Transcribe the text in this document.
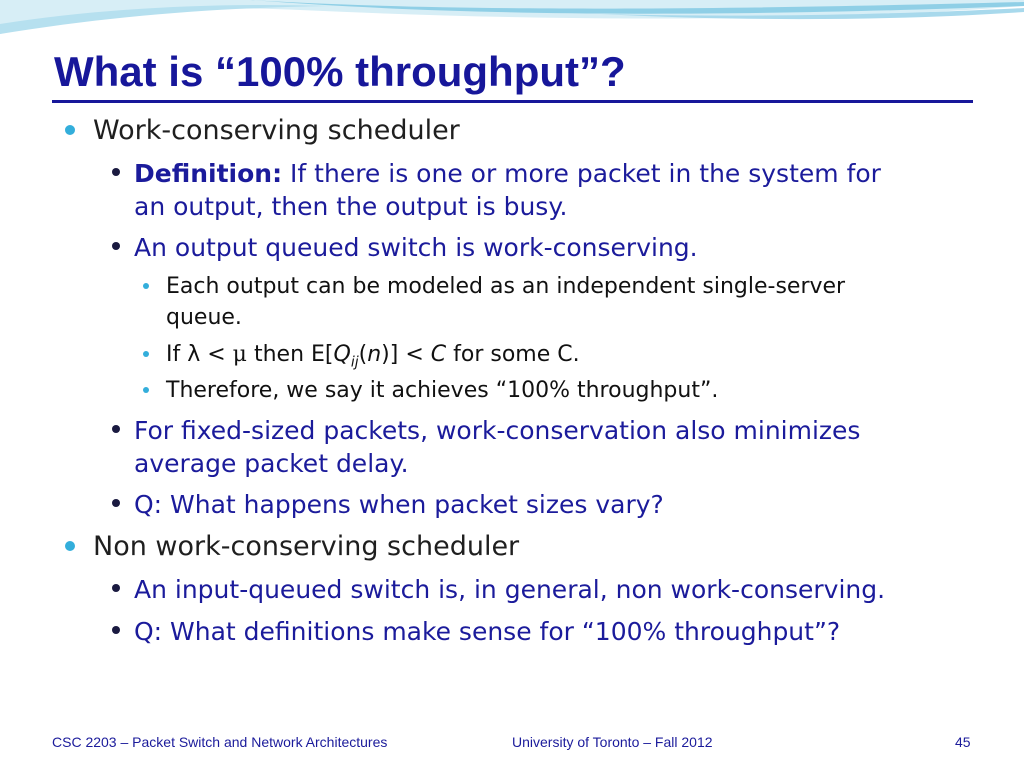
What is “100% throughput”?
Work-conserving scheduler
Definition: If there is one or more packet in the system for
an output, then the output is busy.
An output queued switch is work-conserving.
Each output can be modeled as an independent single-server
queue.
If λ < μ then $E[Q_{ij}(n)] < C$ for some C.
Therefore, we say it achieves “100% throughput”.
For fixed-sized packets, work-conservation also minimizes
average packet delay.
Q: What happens when packet sizes vary?
Non work-conserving scheduler
An input-queued switch is, in general, non work-conserving.
Q: What definitions make sense for “100% throughput”?
CSC 2203 – Packet Switch and Network Architectures	University of Toronto – Fall 2012	45
